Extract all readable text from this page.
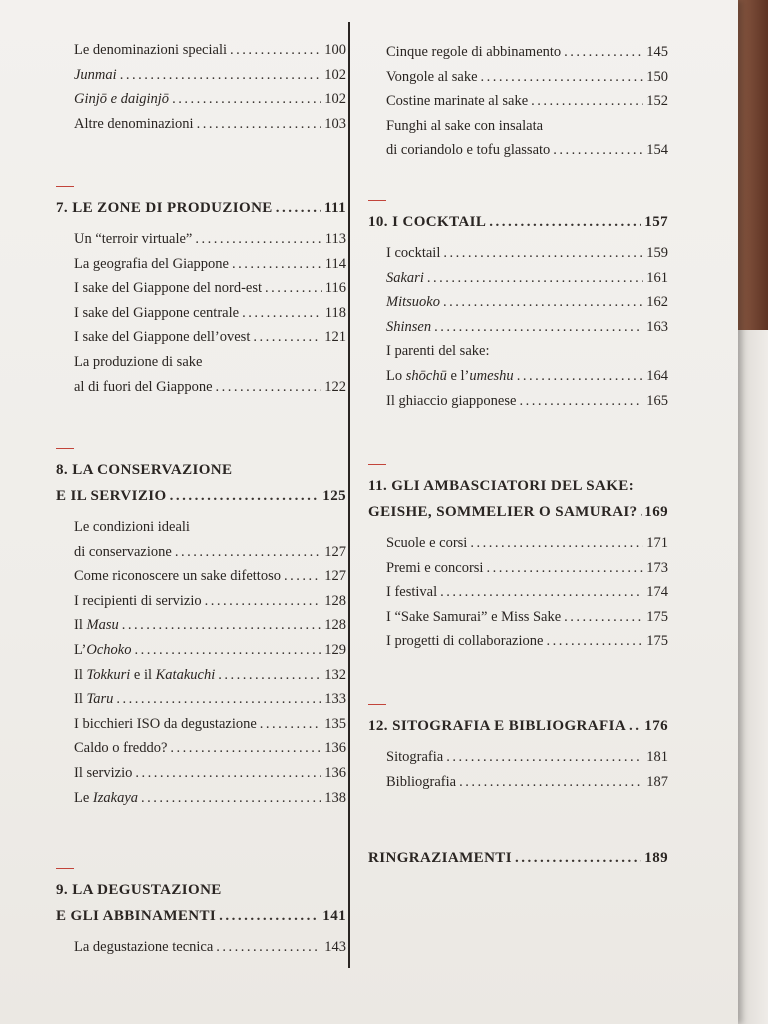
Le denominazioni speciali .....	100
Junmai .....	102
Ginjō e daiginjō .....	102
Altre denominazioni .....	103
7. LE ZONE DI PRODUZIONE .....	111
Un “terroir virtuale” .....	113
La geografia del Giappone .....	114
I sake del Giappone del nord-est .....	116
I sake del Giappone centrale .....	118
I sake del Giappone dell’ovest .....	121
La produzione di sake
al di fuori del Giappone .....	122
8. LA CONSERVAZIONE
E IL SERVIZIO .....	125
Le condizioni ideali
di conservazione .....	127
Come riconoscere un sake difettoso .....	127
I recipienti di servizio .....	128
Il Masu .....	128
L’Ochoko .....	129
Il Tokkuri e il Katakuchi .....	132
Il Taru .....	133
I bicchieri ISO da degustazione .....	135
Caldo o freddo? .....	136
Il servizio .....	136
Le Izakaya .....	138
9. LA DEGUSTAZIONE
E GLI ABBINAMENTI .....	141
La degustazione tecnica .....	143
Cinque regole di abbinamento .....	145
Vongole al sake .....	150
Costine marinate al sake .....	152
Funghi al sake con insalata
di coriandolo e tofu glassato .....	154
10. I COCKTAIL .....	157
I cocktail .....	159
Sakari .....	161
Mitsuoko .....	162
Shinsen .....	163
I parenti del sake:
Lo shōchū e l’umeshu .....	164
Il ghiaccio giapponese .....	165
11. GLI AMBASCIATORI DEL SAKE:
GEISHE, SOMMELIER O SAMURAI? ..... 169
Scuole e corsi .....	171
Premi e concorsi .....	173
I festival .....	174
I “Sake Samurai” e Miss Sake .....	175
I progetti di collaborazione .....	175
12. SITOGRAFIA E BIBLIOGRAFIA ..... 176
Sitografia .....	181
Bibliografia .....	187
RINGRAZIAMENTI .....	189
